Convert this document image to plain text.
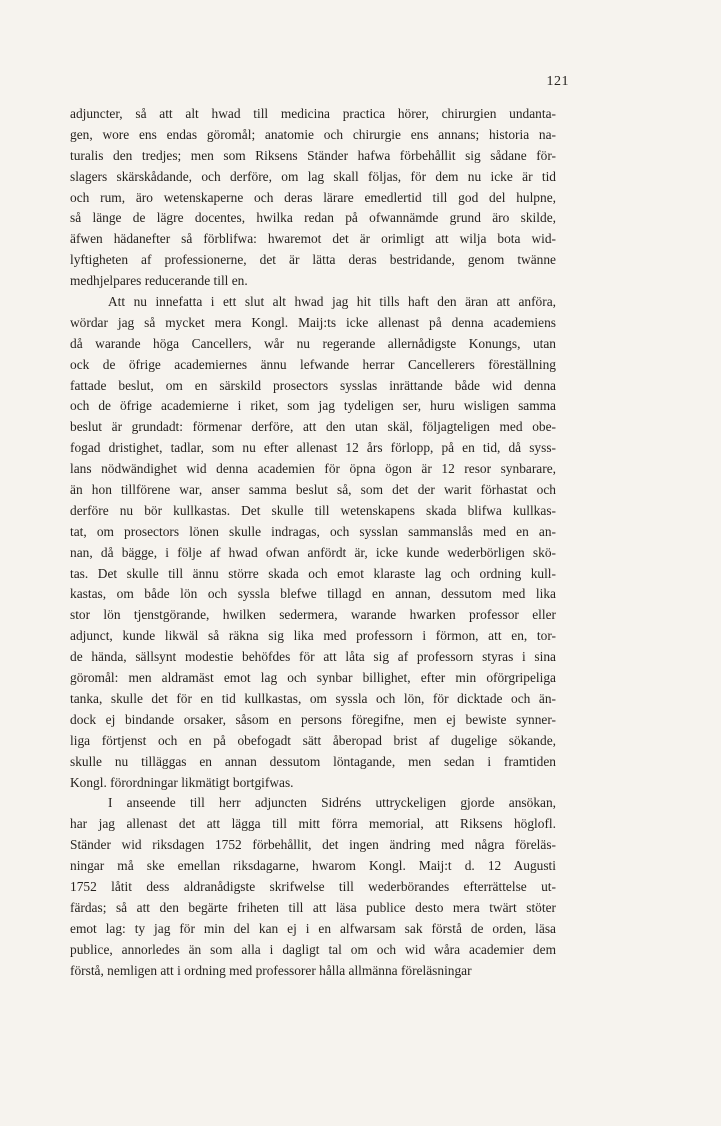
121
adjuncter, så att alt hwad till medicina practica hörer, chirurgien undanta-
gen, wore ens endas göromål; anatomie och chirurgie ens annans; historia na-
turalis den tredjes; men som Riksens Ständer hafwa förbehållit sig sådane för-
slagers skärskådande, och derföre, om lag skall följas, för dem nu icke är tid
och rum, äro wetenskaperne och deras lärare emedlertid till god del hulpne,
så länge de lägre docentes, hwilka redan på ofwannämde grund äro skilde,
äfwen hädanefter så förblifwa: hwaremot det är orimligt att wilja bota wid-
lyftigheten af professionerne, det är lätta deras bestridande, genom twänne
medhjelpares reducerande till en.
Att nu innefatta i ett slut alt hwad jag hit tills haft den äran att anföra,
wördar jag så mycket mera Kongl. Maij:ts icke allenast på denna academiens
då warande höga Cancellers, wår nu regerande allernådigste Konungs, utan
ock de öfrige academiernes ännu lefwande herrar Cancellerers föreställning
fattade beslut, om en särskild prosectors sysslas inrättande både wid denna
och de öfrige academierne i riket, som jag tydeligen ser, huru wisligen samma
beslut är grundadt: förmenar derföre, att den utan skäl, följagteligen med obe-
fogad dristighet, tadlar, som nu efter allenast 12 års förlopp, på en tid, då syss-
lans nödwändighet wid denna academien för öpna ögon är 12 resor synbarare,
än hon tillförene war, anser samma beslut så, som det der warit förhastat och
derföre nu bör kullkastas. Det skulle till wetenskapens skada blifwa kullkas-
tat, om prosectors lönen skulle indragas, och sysslan sammanslås med en an-
nan, då bägge, i följe af hwad ofwan anfördt är, icke kunde wederbörligen skö-
tas. Det skulle till ännu större skada och emot klaraste lag och ordning kull-
kastas, om både lön och syssla blefwe tillagd en annan, dessutom med lika
stor lön tjenstgörande, hwilken sedermera, warande hwarken professor eller
adjunct, kunde likwäl så räkna sig lika med professorn i förmon, att en, tor-
de hända, sällsynt modestie behöfdes för att låta sig af professorn styras i sina
göromål: men aldramäst emot lag och synbar billighet, efter min oförgripeliga
tanka, skulle det för en tid kullkastas, om syssla och lön, för dicktade och än-
dock ej bindande orsaker, såsom en persons föregifne, men ej bewiste synner-
liga förtjenst och en på obefogadt sätt åberopad brist af dugelige sökande,
skulle nu tilläggas en annan dessutom löntagande, men sedan i framtiden
Kongl. förordningar likmätigt bortgifwas.
I anseende till herr adjuncten Sidréns uttryckeligen gjorde ansökan,
har jag allenast det att lägga till mitt förra memorial, att Riksens höglofl.
Ständer wid riksdagen 1752 förbehållit, det ingen ändring med några föreläs-
ningar må ske emellan riksdagarne, hwarom Kongl. Maij:t d. 12 Augusti
1752 låtit dess aldranådigste skrifwelse till wederbörandes efterrättelse ut-
färdas; så att den begärte friheten till att läsa publice desto mera twärt stöter
emot lag: ty jag för min del kan ej i en alfwarsam sak förstå de orden, läsa
publice, annorledes än som alla i dagligt tal om och wid wåra academier dem
förstå, nemligen att i ordning med professorer hålla allmänna föreläsningar
